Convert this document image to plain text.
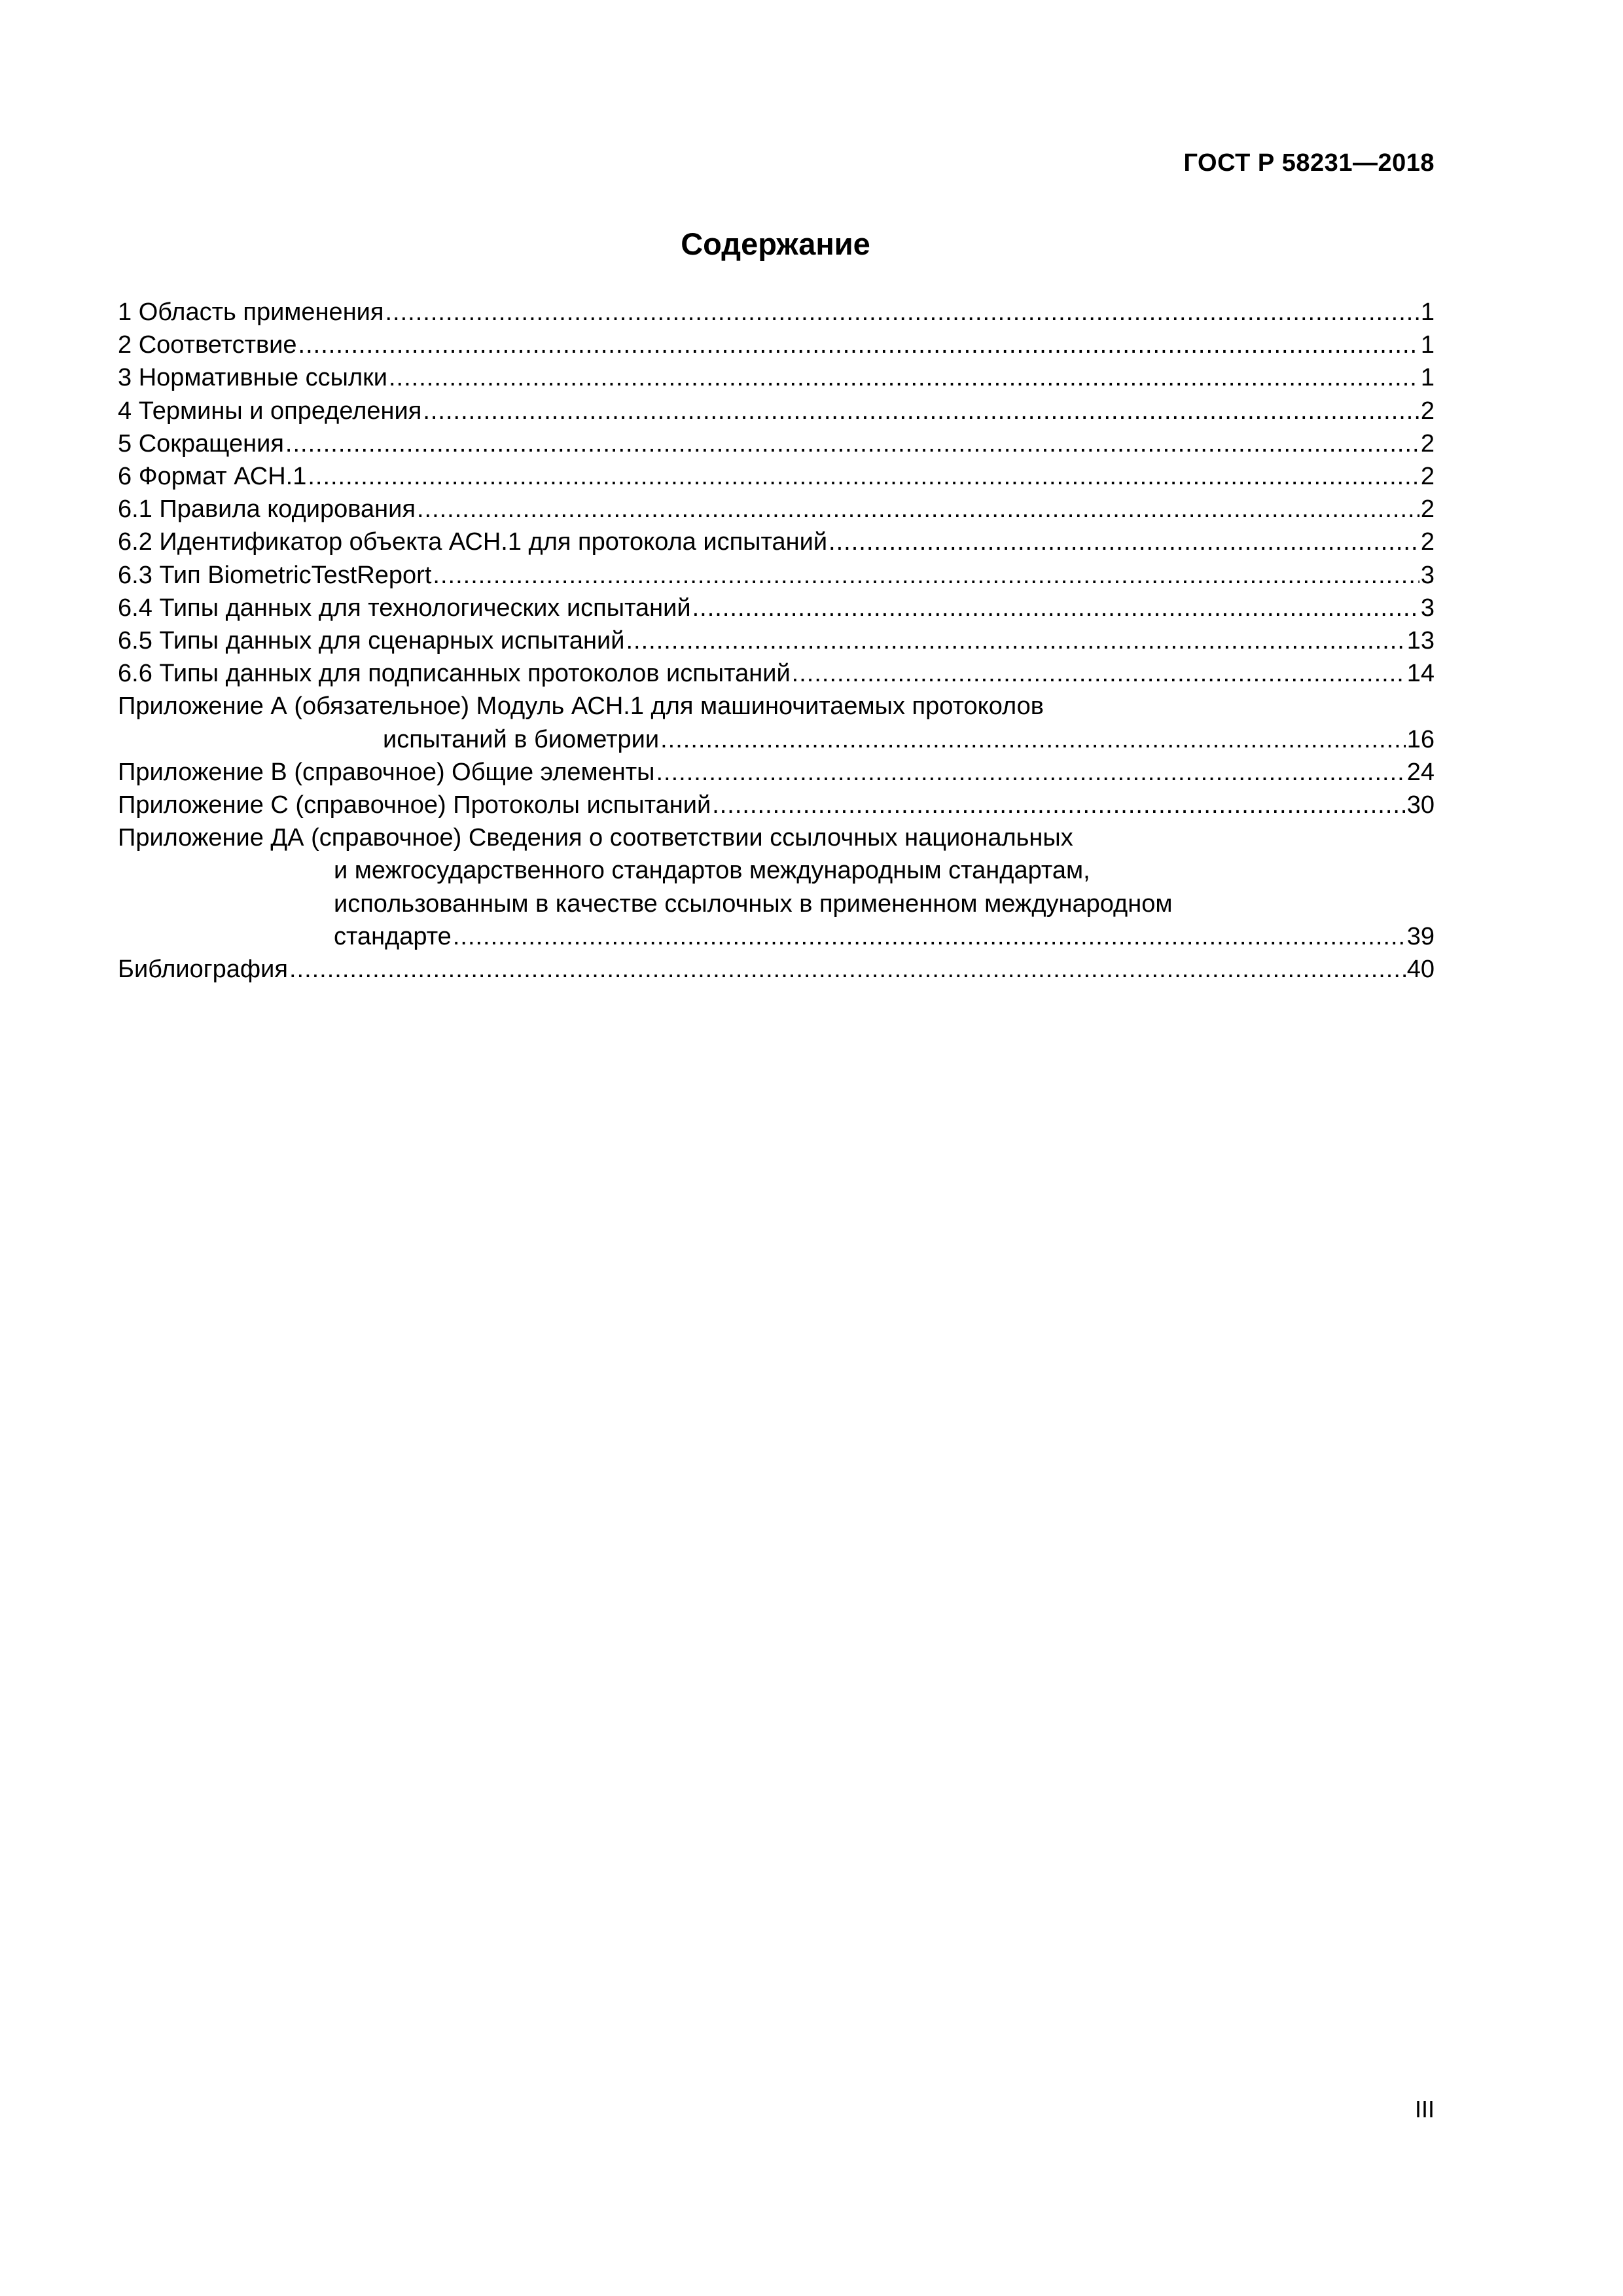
ГОСТ Р 58231—2018
Содержание
1 Область применения .....	1
2 Соответствие .....	1
3 Нормативные ссылки .....	1
4 Термины и определения .....	2
5 Сокращения .....	2
6 Формат АСН.1 .....	2
6.1 Правила кодирования .....	2
6.2 Идентификатор объекта АСН.1 для протокола испытаний .....	2
6.3 Тип BiometricTestReport .....	3
6.4 Типы данных для технологических испытаний .....	3
6.5 Типы данных для сценарных испытаний .....	13
6.6 Типы данных для подписанных протоколов испытаний .....	14
Приложение А (обязательное) Модуль АСН.1 для машиночитаемых протоколов
испытаний в биометрии .....	16
Приложение В (справочное) Общие элементы .....	24
Приложение С (справочное) Протоколы испытаний .....	30
Приложение ДА (справочное) Сведения о соответствии ссылочных национальных
и межгосударственного стандартов международным стандартам,
использованным в качестве ссылочных в примененном международном
стандарте .....	39
Библиография .....	40
III
